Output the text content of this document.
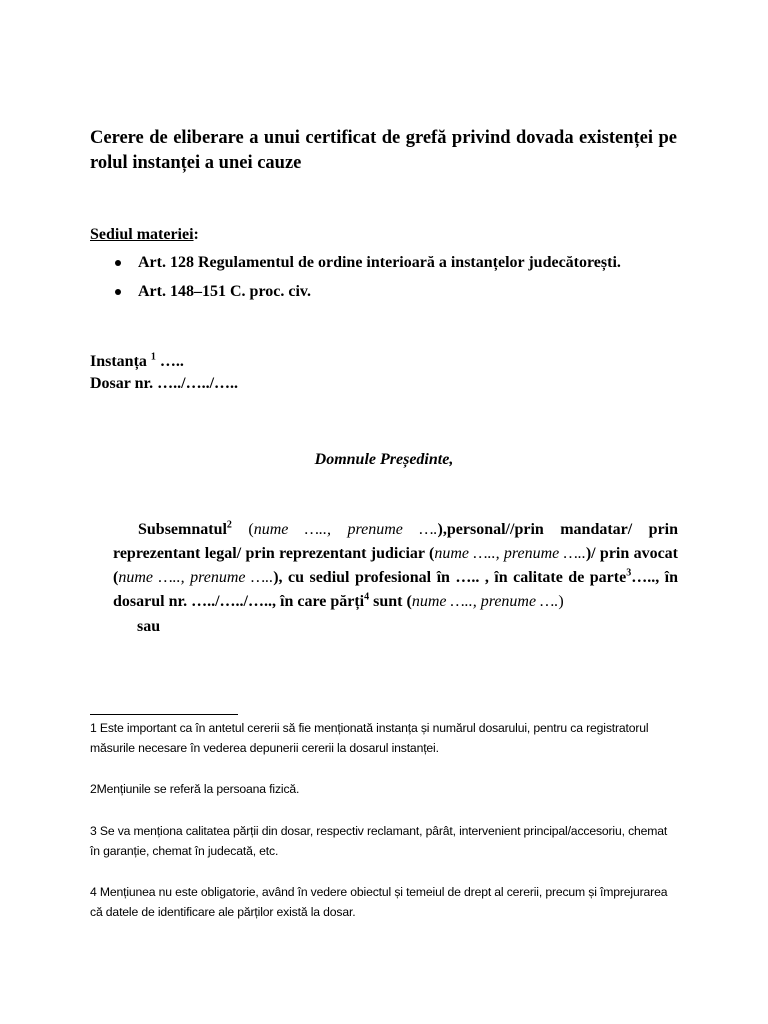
Cerere de eliberare a unui certificat de grefă privind dovada existenței pe rolul instanței a unei cauze

Sediul materiei:
Art. 128 Regulamentul de ordine interioară a instanțelor judecătorești.
Art. 148–151 C. proc. civ.
Instanța $^1$ …..
Dosar nr. …../…../…..
Domnule Președinte,

Subsemnatul$^2$ (nume ….., prenume ….),personal//prin mandatar/ prin reprezentant legal/ prin reprezentant judiciar (nume ….., prenume …..)/ prin avocat (nume ….., prenume …..), cu sediul profesional în ….. , în calitate de parte$^3$….., în dosarul nr. …../…../….., în care părți$^4$ sunt (nume ….., prenume ….)

sau

1 Este important ca în antetul cererii să fie menționată instanța și numărul dosarului, pentru ca registratorul măsurile necesare în vederea depunerii cererii la dosarul instanței.

2Mențiunile se referă la persoana fizică.

3 Se va menționa calitatea părții din dosar, respectiv reclamant, pârât, intervenient principal/accesoriu, chemat în garanție, chemat în judecată, etc.

4 Mențiunea nu este obligatorie, având în vedere obiectul și temeiul de drept al cererii, precum și împrejurarea că datele de identificare ale părților există la dosar.
